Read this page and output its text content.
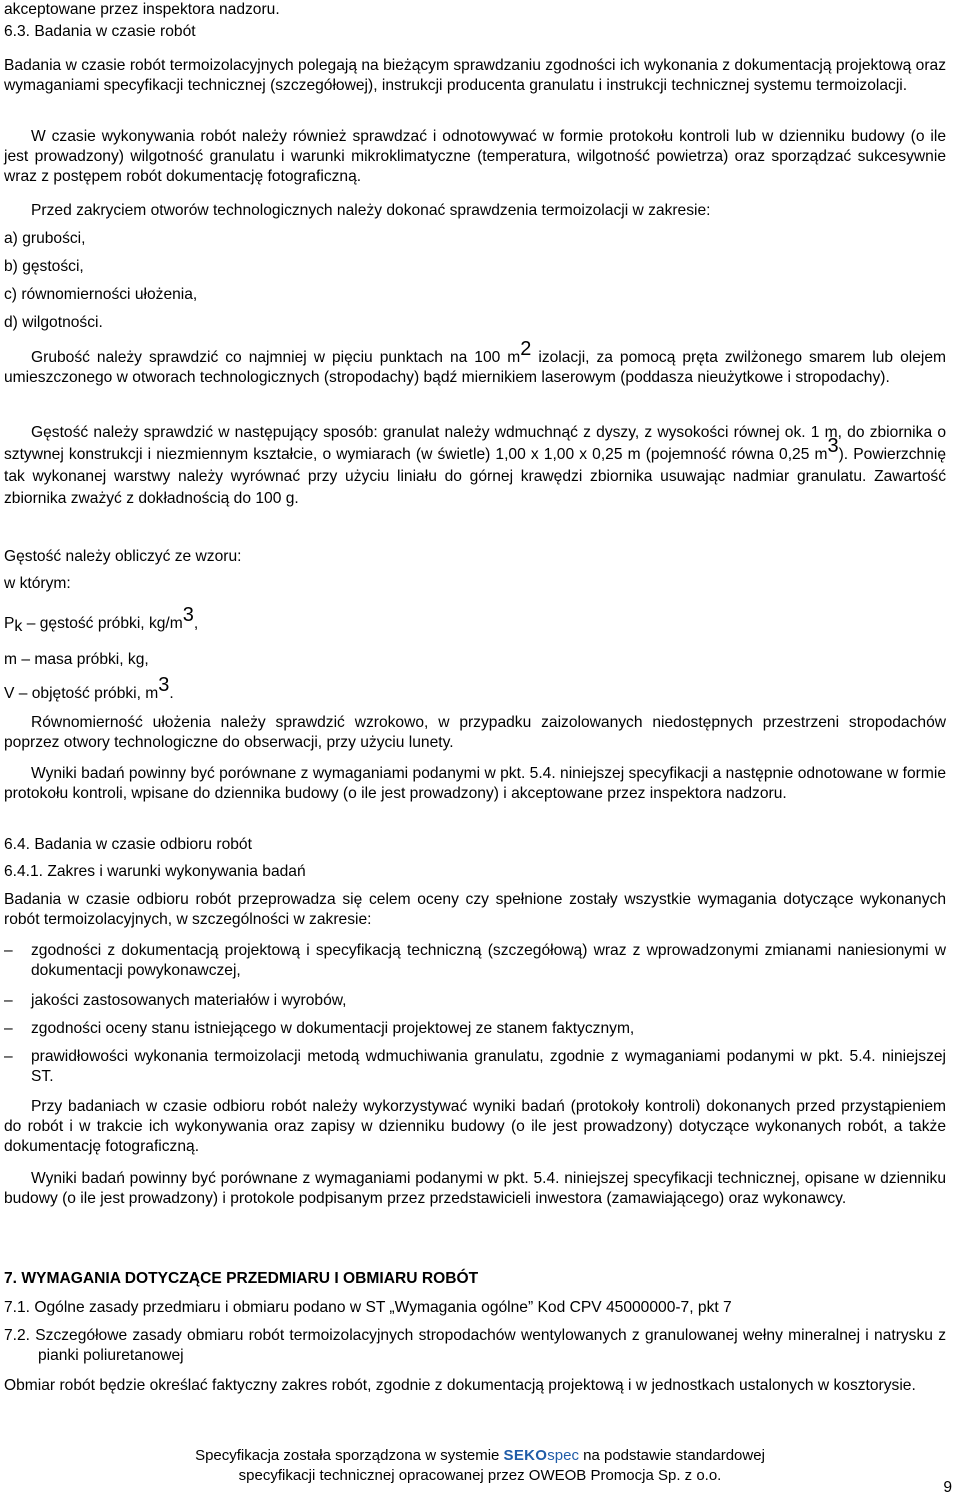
akceptowane przez inspektora nadzoru.
6.3. Badania w czasie robót

Badania w czasie robót termoizolacyjnych polegają na bieżącym sprawdzaniu zgodności ich wykonania z dokumentacją projektową oraz wymaganiami specyfikacji technicznej (szczegółowej), instrukcji producenta granulatu i instrukcji technicznej systemu termoizolacji.

W czasie wykonywania robót należy również sprawdzać i odnotowywać w formie protokołu kontroli lub w dzienniku budowy (o ile jest prowadzony) wilgotność granulatu i warunki mikroklimatyczne (temperatura, wilgotność powietrza) oraz sporządzać sukcesywnie wraz z postępem robót dokumentację fotograficzną.

Przed zakryciem otworów technologicznych należy dokonać sprawdzenia termoizolacji w zakresie:

a) grubości,
b) gęstości,
c) równomierności ułożenia,
d) wilgotności.

Grubość należy sprawdzić co najmniej w pięciu punktach na 100 $m^2$ izolacji, za pomocą pręta zwilżonego smarem lub olejem umieszczonego w otworach technologicznych (stropodachy) bądź miernikiem laserowym (poddasza nieużytkowe i stropodachy).

Gęstość należy sprawdzić w następujący sposób: granulat należy wdmuchnąć z dyszy, z wysokości równej ok. 1 m, do zbiornika o sztywnej konstrukcji i niezmiennym kształcie, o wymiarach (w świetle) 1,00 x 1,00 x 0,25 m (pojemność równa 0,25 $m^3$). Powierzchnię tak wykonanej warstwy należy wyrównać przy użyciu liniału do górnej krawędzi zbiornika usuwając nadmiar granulatu. Zawartość zbiornika zważyć z dokładnością do 100 g.

Gęstość należy obliczyć ze wzoru:
w którym:
$P_k$ – gęstość próbki, $kg/m^3$,
m – masa próbki, kg,
V – objętość próbki, $m^3$.

Równomierność ułożenia należy sprawdzić wzrokowo, w przypadku zaizolowanych niedostępnych przestrzeni stropodachów poprzez otwory technologiczne do obserwacji, przy użyciu lunety.

Wyniki badań powinny być porównane z wymaganiami podanymi w pkt. 5.4. niniejszej specyfikacji a następnie odnotowane w formie protokołu kontroli, wpisane do dziennika budowy (o ile jest prowadzony) i akceptowane przez inspektora nadzoru.

6.4. Badania w czasie odbioru robót
6.4.1. Zakres i warunki wykonywania badań

Badania w czasie odbioru robót przeprowadza się celem oceny czy spełnione zostały wszystkie wymagania dotyczące wykonanych robót termoizolacyjnych, w szczególności w zakresie:

– zgodności z dokumentacją projektową i specyfikacją techniczną (szczegółową) wraz z wprowadzonymi zmianami naniesionymi w dokumentacji powykonawczej,

– jakości zastosowanych materiałów i wyrobów,

– zgodności oceny stanu istniejącego w dokumentacji projektowej ze stanem faktycznym,

– prawidłowości wykonania termoizolacji metodą wdmuchiwania granulatu, zgodnie z wymaganiami podanymi w pkt. 5.4. niniejszej ST.

Przy badaniach w czasie odbioru robót należy wykorzystywać wyniki badań (protokoły kontroli) dokonanych przed przystąpieniem do robót i w trakcie ich wykonywania oraz zapisy w dzienniku budowy (o ile jest prowadzony) dotyczące wykonanych robót, a także dokumentację fotograficzną.

Wyniki badań powinny być porównane z wymaganiami podanymi w pkt. 5.4. niniejszej specyfikacji technicznej, opisane w dzienniku budowy (o ile jest prowadzony) i protokole podpisanym przez przedstawicieli inwestora (zamawiającego) oraz wykonawcy.

7. WYMAGANIA DOTYCZĄCE PRZEDMIARU I OBMIARU ROBÓT
7.1. Ogólne zasady przedmiaru i obmiaru podano w ST „Wymagania ogólne” Kod CPV 45000000-7, pkt 7

7.2. Szczegółowe zasady obmiaru robót termoizolacyjnych stropodachów wentylowanych z granulowanej wełny mineralnej i natrysku z pianki poliuretanowej

Obmiar robót będzie określać faktyczny zakres robót, zgodnie z dokumentacją projektową i w jednostkach ustalonych w kosztorysie.

Specyfikacja została sporządzona w systemie SEKOspec na podstawie standardowej
specyfikacji technicznej opracowanej przez OWEOB Promocja Sp. z o.o.
9
